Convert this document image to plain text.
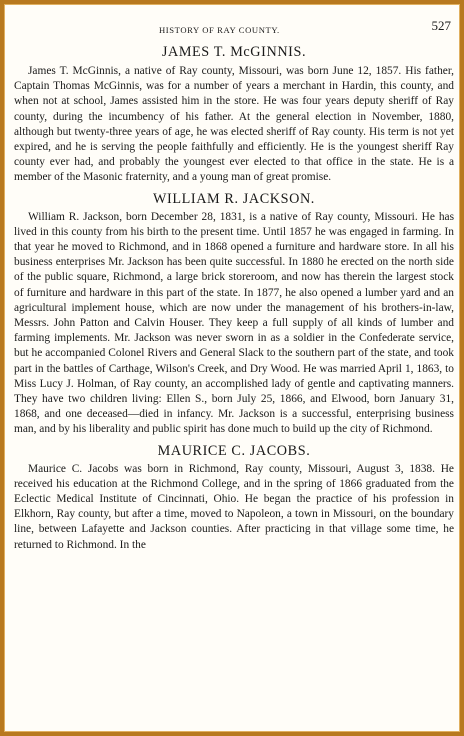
HISTORY OF RAY COUNTY.	527
JAMES T. McGINNIS.

James T. McGinnis, a native of Ray county, Missouri, was born June 12, 1857. His father, Captain Thomas McGinnis, was for a number of years a merchant in Hardin, this county, and when not at school, James assisted him in the store. He was four years deputy sheriff of Ray county, during the incumbency of his father. At the general election in November, 1880, although but twenty-three years of age, he was elected sheriff of Ray county. His term is not yet expired, and he is serving the people faithfully and efficiently. He is the youngest sheriff Ray county ever had, and probably the youngest ever elected to that office in the state. He is a member of the Masonic fraternity, and a young man of great promise.

WILLIAM R. JACKSON.

William R. Jackson, born December 28, 1831, is a native of Ray county, Missouri. He has lived in this county from his birth to the present time. Until 1857 he was engaged in farming. In that year he moved to Richmond, and in 1868 opened a furniture and hardware store. In all his business enterprises Mr. Jackson has been quite successful. In 1880 he erected on the north side of the public square, Richmond, a large brick storeroom, and now has therein the largest stock of furniture and hardware in this part of the state. In 1877, he also opened a lumber yard and an agricultural implement house, which are now under the management of his brothers-in-law, Messrs. John Patton and Calvin Houser. They keep a full supply of all kinds of lumber and farming implements. Mr. Jackson was never sworn in as a soldier in the Confederate service, but he accompanied Colonel Rivers and General Slack to the southern part of the state, and took part in the battles of Carthage, Wilson's Creek, and Dry Wood. He was married April 1, 1863, to Miss Lucy J. Holman, of Ray county, an accomplished lady of gentle and captivating manners. They have two children living: Ellen S., born July 25, 1866, and Elwood, born January 31, 1868, and one deceased—died in infancy. Mr. Jackson is a successful, enterprising business man, and by his liberality and public spirit has done much to build up the city of Richmond.

MAURICE C. JACOBS.

Maurice C. Jacobs was born in Richmond, Ray county, Missouri, August 3, 1838. He received his education at the Richmond College, and in the spring of 1866 graduated from the Eclectic Medical Institute of Cincinnati, Ohio. He began the practice of his profession in Elkhorn, Ray county, but after a time, moved to Napoleon, a town in Missouri, on the boundary line, between Lafayette and Jackson counties. After practicing in that village some time, he returned to Richmond. In the
